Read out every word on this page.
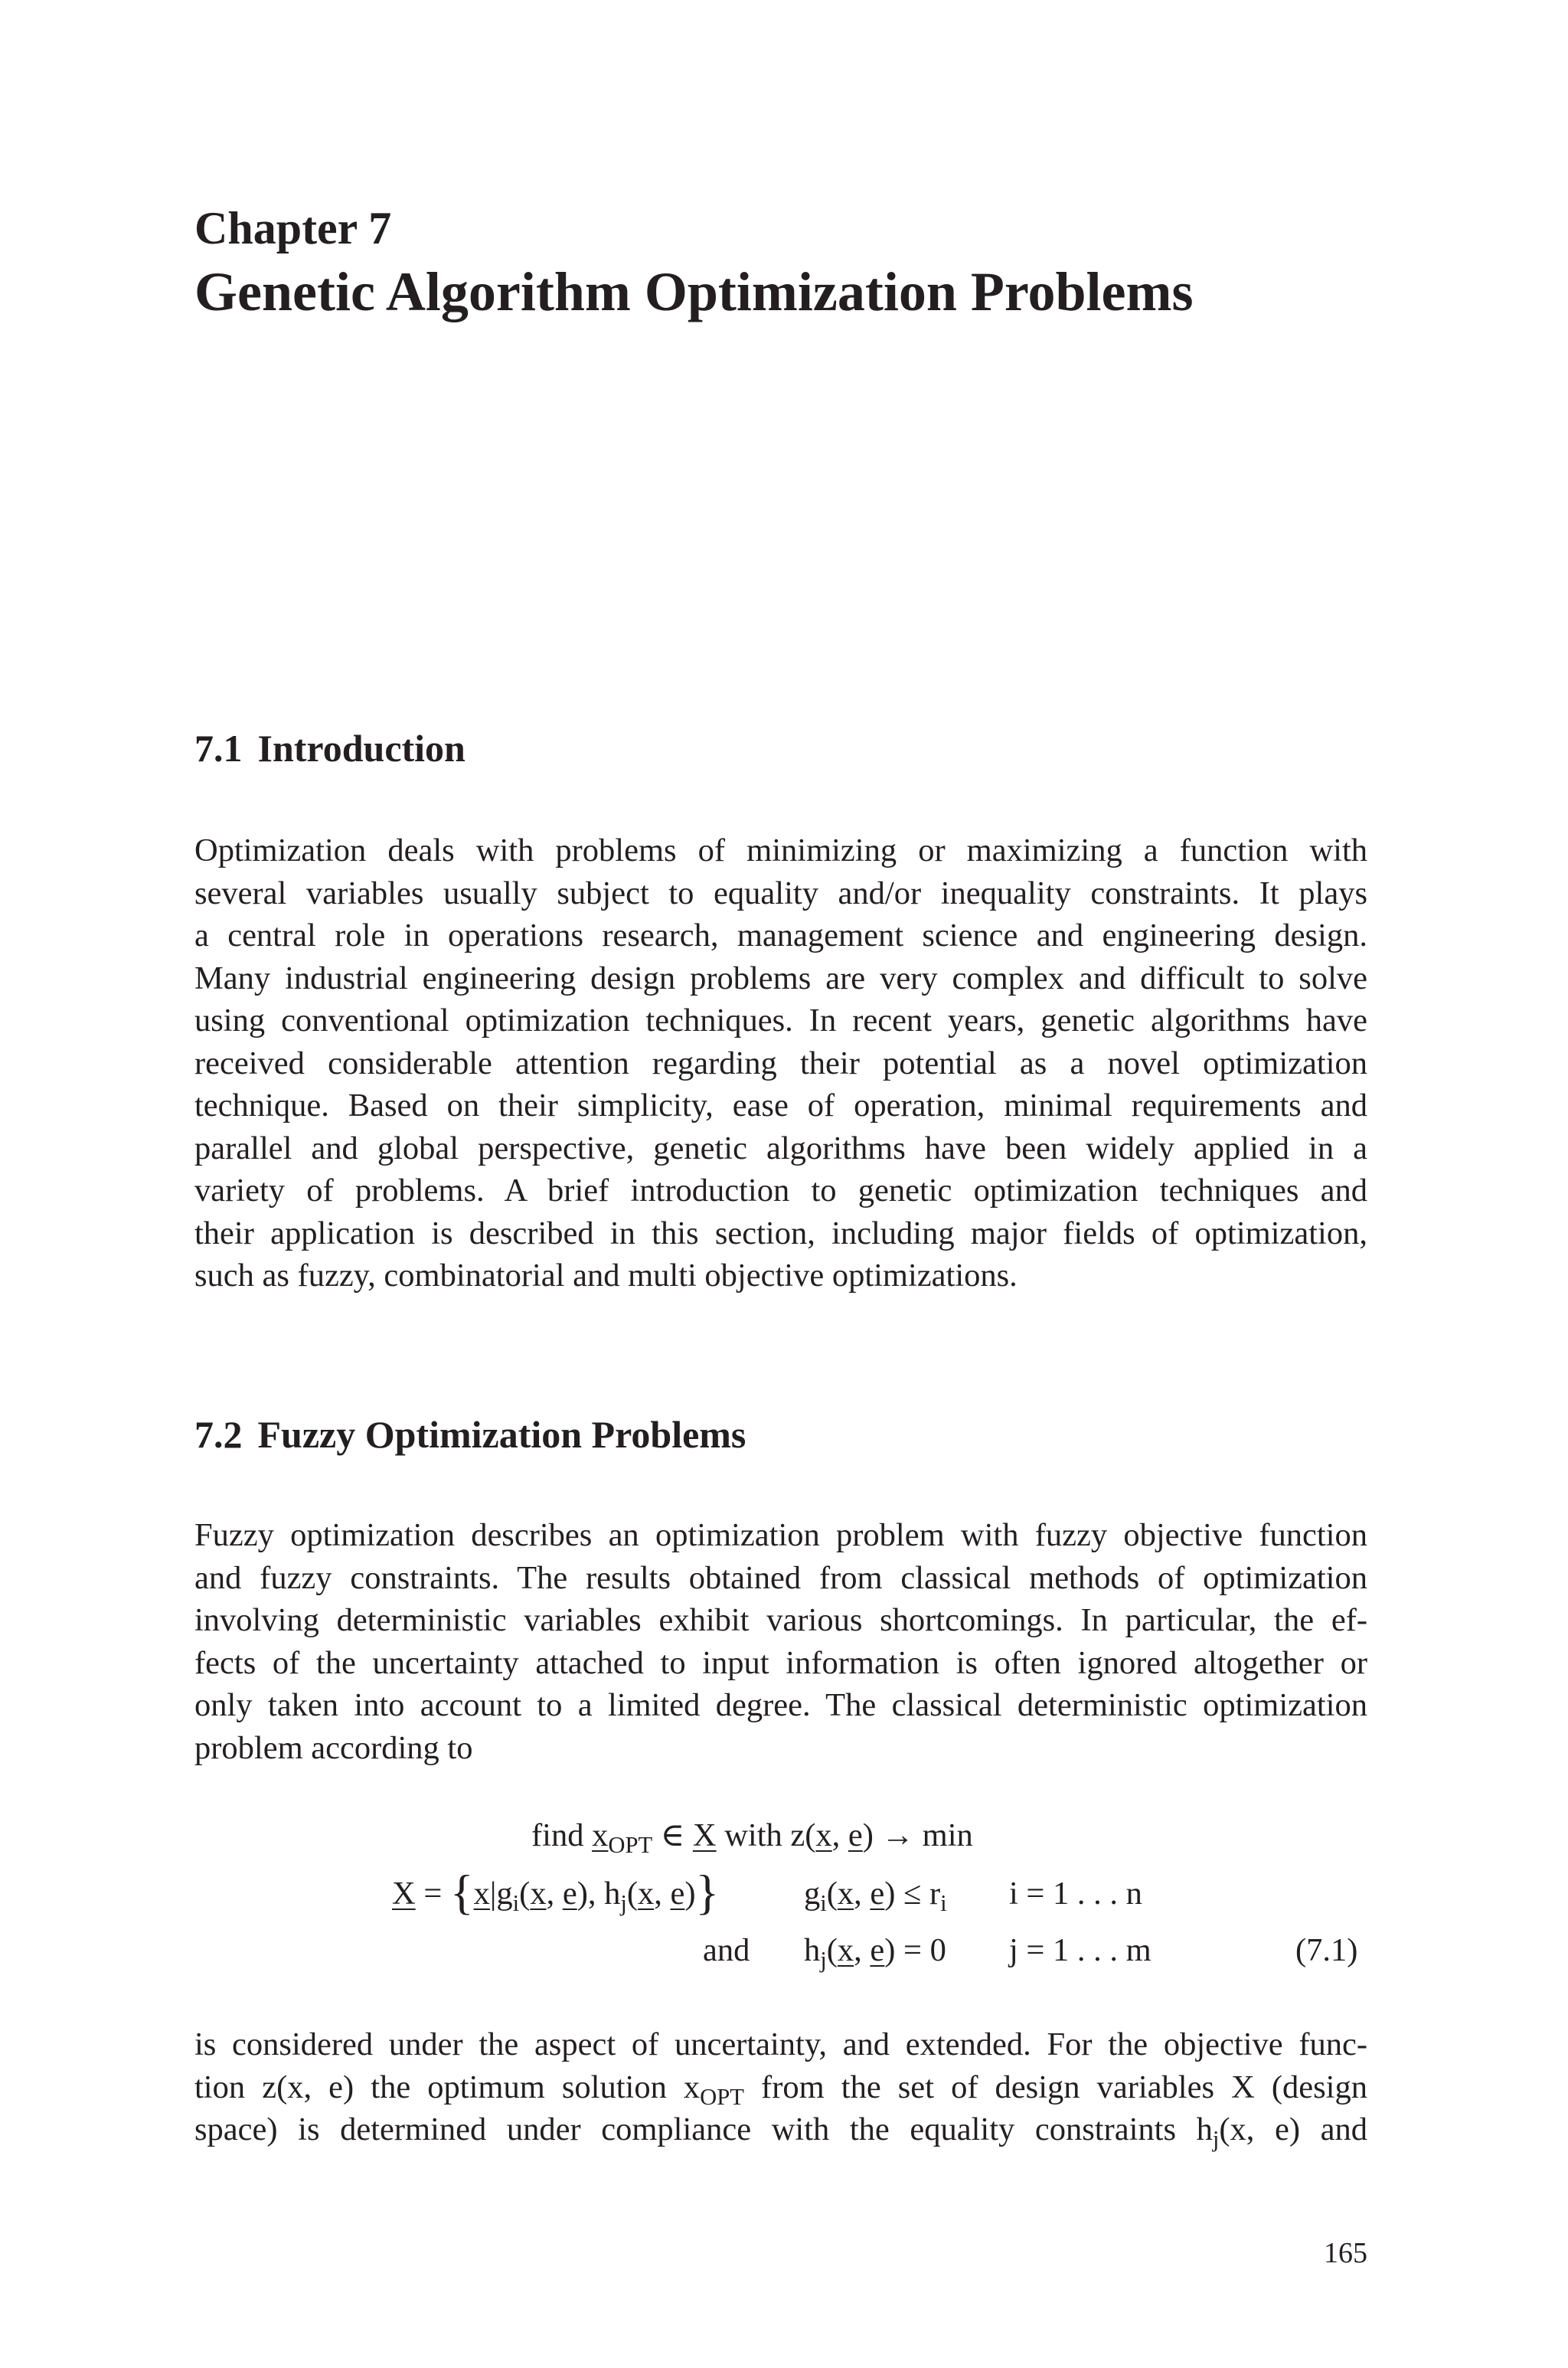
Chapter 7
Genetic Algorithm Optimization Problems
7.1 Introduction
Optimization deals with problems of minimizing or maximizing a function with
several variables usually subject to equality and/or inequality constraints. It plays
a central role in operations research, management science and engineering design.
Many industrial engineering design problems are very complex and difficult to solve
using conventional optimization techniques. In recent years, genetic algorithms have
received considerable attention regarding their potential as a novel optimization
technique. Based on their simplicity, ease of operation, minimal requirements and
parallel and global perspective, genetic algorithms have been widely applied in a
variety of problems. A brief introduction to genetic optimization techniques and
their application is described in this section, including major fields of optimization,
such as fuzzy, combinatorial and multi objective optimizations.
7.2 Fuzzy Optimization Problems
Fuzzy optimization describes an optimization problem with fuzzy objective function
and fuzzy constraints. The results obtained from classical methods of optimization
involving deterministic variables exhibit various shortcomings. In particular, the ef-
fects of the uncertainty attached to input information is often ignored altogether or
only taken into account to a limited degree. The classical deterministic optimization
problem according to
find $x_{OPT}$ ∈ X with z(x, e) → min
$X = \{x|g_i(x$, e), $h_j(x$, e)}	$g_i(x$, $e) \le r_i$ i = 1 . . . n
and $h_j(x$, e) = 0 j = 1 . . . m	(7.1)
is considered under the aspect of uncertainty, and extended. For the objective func-
tion z(x, e) the optimum solution $x_{OPT}$ from the set of design variables X (design
space) is determined under compliance with the equality constraints $h_j(x$, e) and
165
